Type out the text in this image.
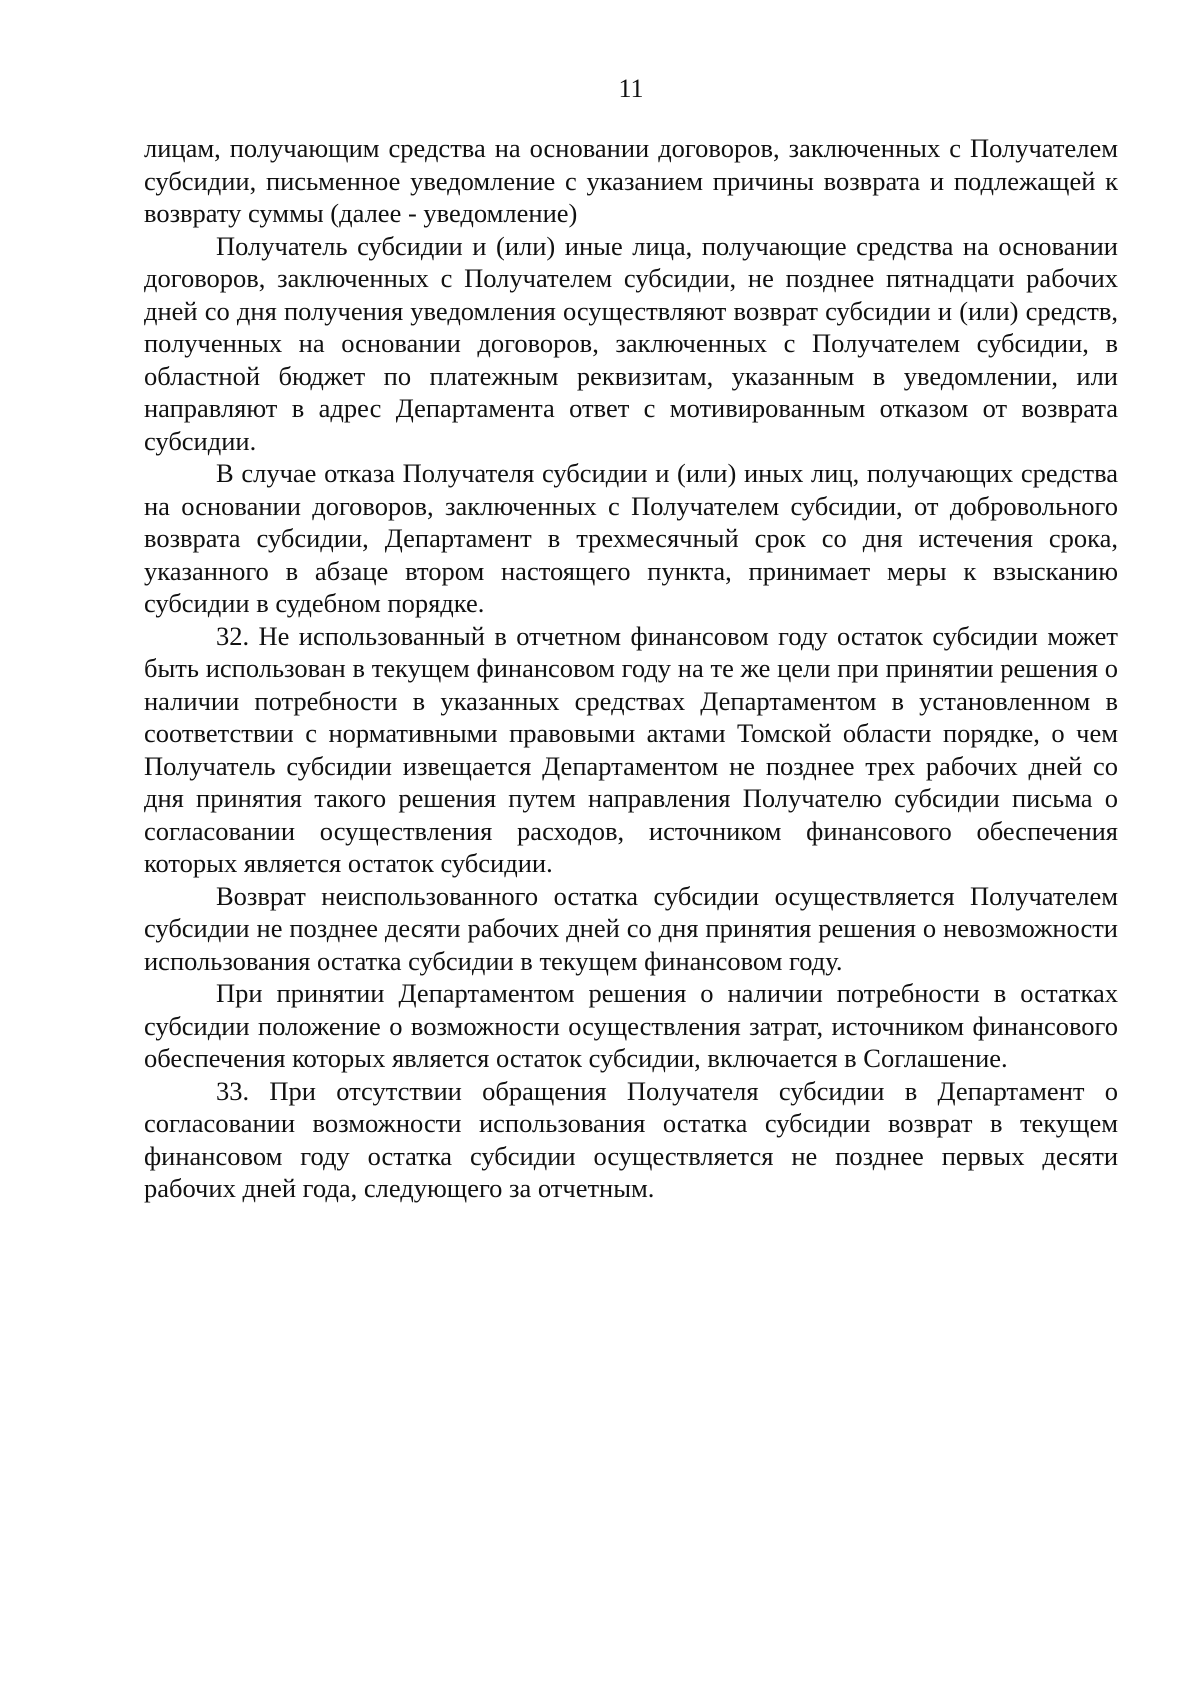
11

лицам, получающим средства на основании договоров, заключенных с Получателем субсидии, письменное уведомление с указанием причины возврата и подлежащей к возврату суммы (далее - уведомление)

Получатель субсидии и (или) иные лица, получающие средства на основании договоров, заключенных с Получателем субсидии, не позднее пятнадцати рабочих дней со дня получения уведомления осуществляют возврат субсидии и (или) средств, полученных на основании договоров, заключенных с Получателем субсидии, в областной бюджет по платежным реквизитам, указанным в уведомлении, или направляют в адрес Департамента ответ с мотивированным отказом от возврата субсидии.

В случае отказа Получателя субсидии и (или) иных лиц, получающих средства на основании договоров, заключенных с Получателем субсидии, от добровольного возврата субсидии, Департамент в трехмесячный срок со дня истечения срока, указанного в абзаце втором настоящего пункта, принимает меры к взысканию субсидии в судебном порядке.

32. Не использованный в отчетном финансовом году остаток субсидии может быть использован в текущем финансовом году на те же цели при принятии решения о наличии потребности в указанных средствах Департаментом в установленном в соответствии с нормативными правовыми актами Томской области порядке, о чем Получатель субсидии извещается Департаментом не позднее трех рабочих дней со дня принятия такого решения путем направления Получателю субсидии письма о согласовании осуществления расходов, источником финансового обеспечения которых является остаток субсидии.

Возврат неиспользованного остатка субсидии осуществляется Получателем субсидии не позднее десяти рабочих дней со дня принятия решения о невозможности использования остатка субсидии в текущем финансовом году.

При принятии Департаментом решения о наличии потребности в остатках субсидии положение о возможности осуществления затрат, источником финансового обеспечения которых является остаток субсидии, включается в Соглашение.

33. При отсутствии обращения Получателя субсидии в Департамент о согласовании возможности использования остатка субсидии возврат в текущем финансовом году остатка субсидии осуществляется не позднее первых десяти рабочих дней года, следующего за отчетным.
